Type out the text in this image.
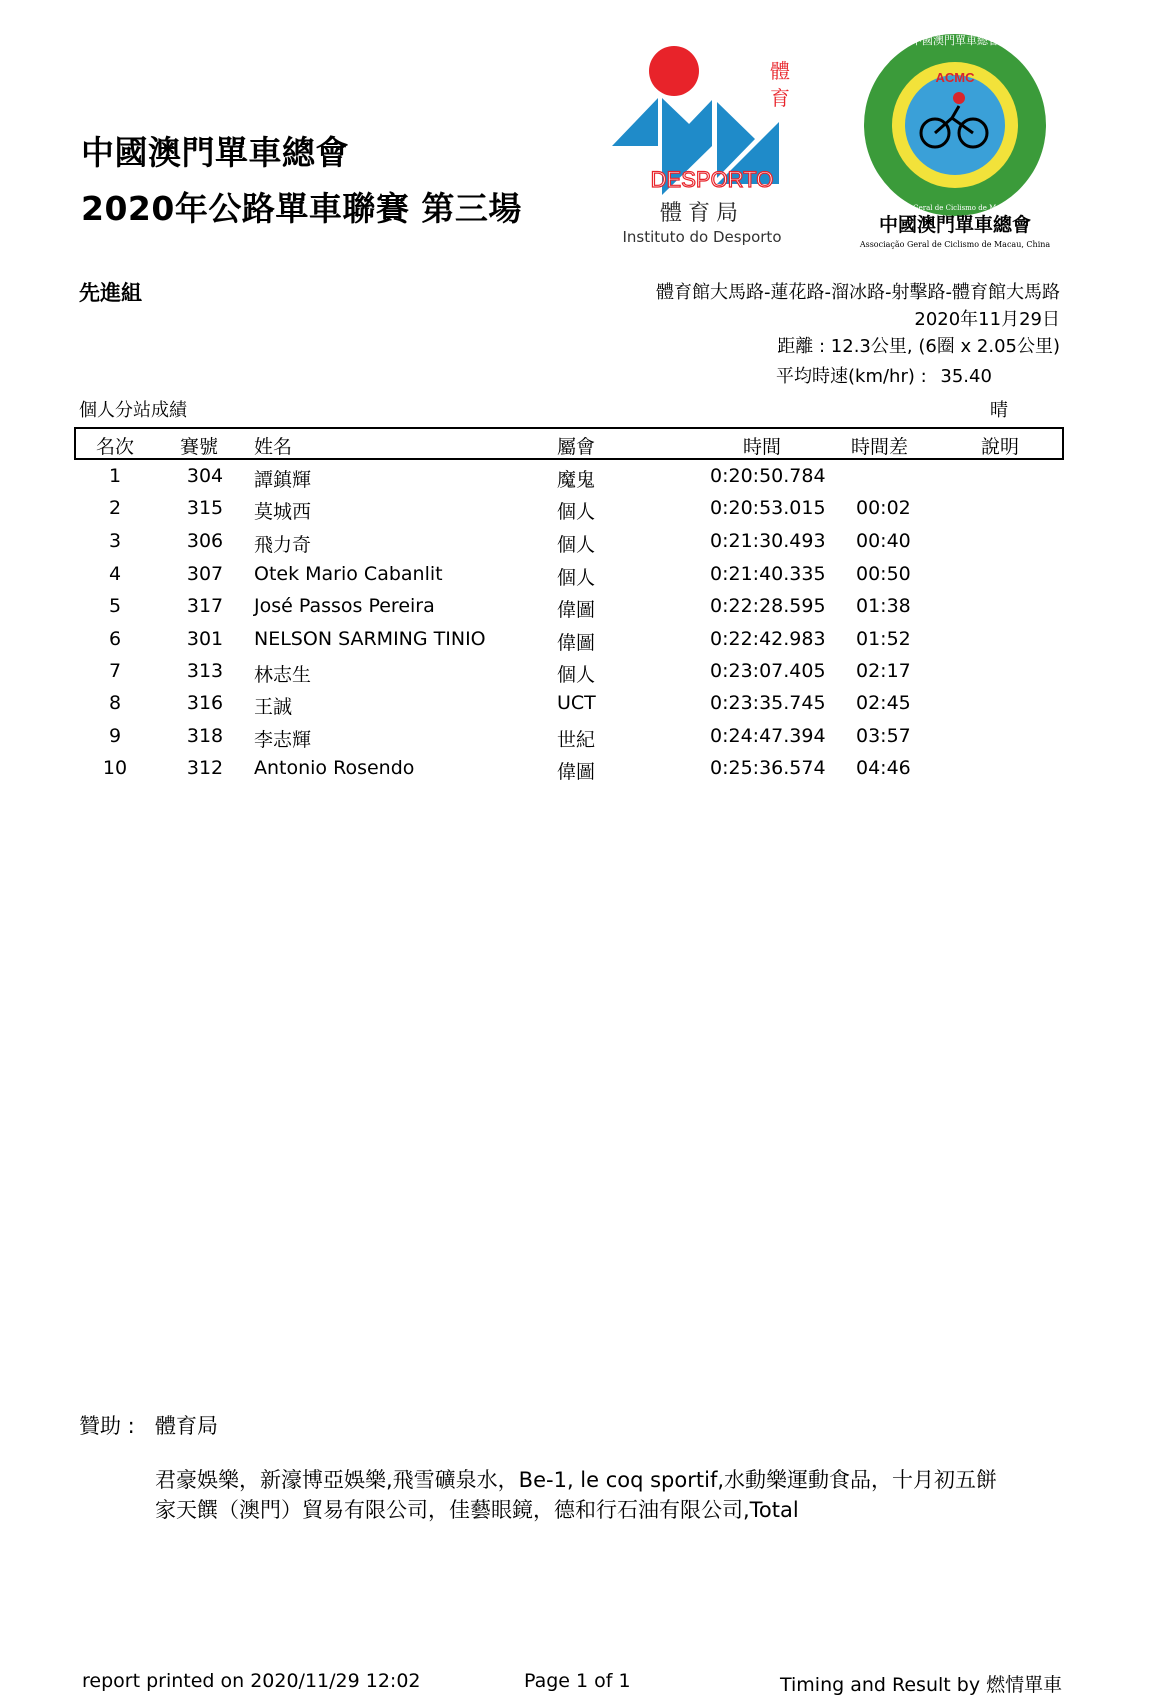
中國澳門單車總會
2020年公路單車聯賽 第三場
體
育
DESPORTO
體育局
Instituto do Desporto
ACMC
中國澳門單車總會
Associação Geral de Ciclismo de Macau, China
中國澳門單車總會
Associação Geral de Ciclismo de Macau, China
先進組	體育館大馬路-蓮花路-溜冰路-射擊路-體育館大馬路
2020年11月29日
距離 : 12.3公里, (6圈 x 2.05公里)
平均時速(km/hr) : 35.40
個人分站成績	晴
名次	賽號 姓名	屬會	時間	時間差	說明
1	304 譚鎮輝	魔鬼	0:20:50.784
2	315 莫城西	個人	0:20:53.015 00:02
3	306 飛力奇	個人	0:21:30.493 00:40
4	307 Otek Mario Cabanlit	個人	0:21:40.335 00:50
5	317 José Passos Pereira	偉圖	0:22:28.595 01:38
6	301 NELSON SARMING TINIO	偉圖	0:22:42.983 01:52
7	313 林志生	個人	0:23:07.405 02:17
8	316 王誠	UCT	0:23:35.745 02:45
9	318 李志輝	世紀	0:24:47.394 03:57
10	312 Antonio Rosendo	偉圖	0:25:36.574 04:46
贊助 : 體育局
君豪娛樂，新濠博亞娛樂,飛雪礦泉水，Be-1, le coq sportif,水動樂運動食品，十月初五餅
家天饌（澳門）貿易有限公司，佳藝眼鏡，德和行石油有限公司,Total
report printed on 2020/11/29 12:02	Page 1 of 1	Timing and Result by 燃情單車
